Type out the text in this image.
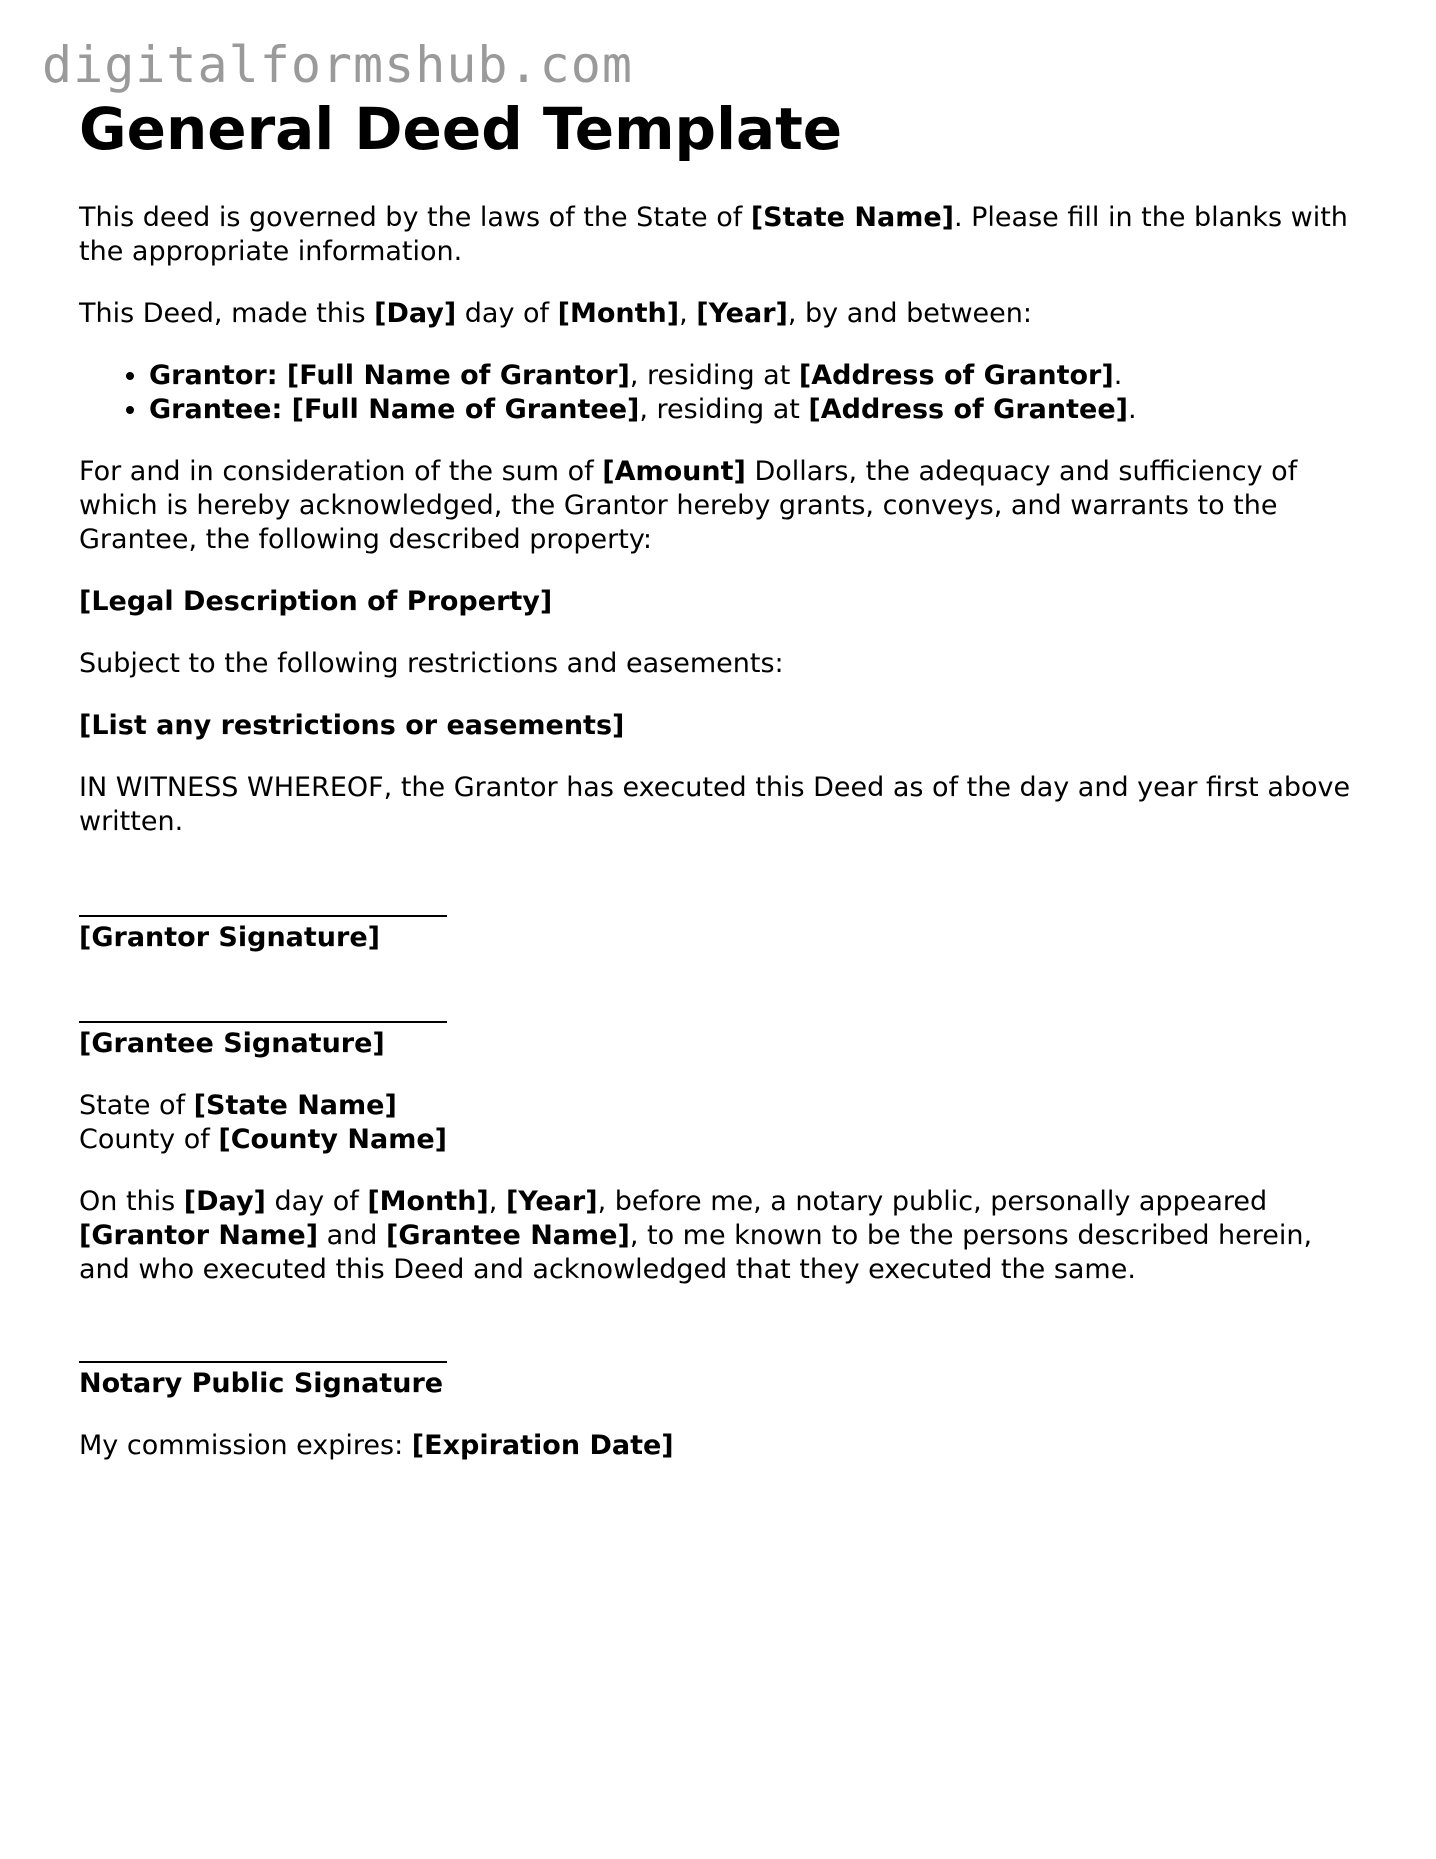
digitalformshub.com
General Deed Template

This deed is governed by the laws of the State of [State Name]. Please fill in the blanks with the appropriate information.

This Deed, made this [Day] day of [Month], [Year], by and between:

• Grantor: [Full Name of Grantor], residing at [Address of Grantor].
• Grantee: [Full Name of Grantee], residing at [Address of Grantee].

For and in consideration of the sum of [Amount] Dollars, the adequacy and sufficiency of which is hereby acknowledged, the Grantor hereby grants, conveys, and warrants to the Grantee, the following described property:

[Legal Description of Property]

Subject to the following restrictions and easements:

[List any restrictions or easements]

IN WITNESS WHEREOF, the Grantor has executed this Deed as of the day and year first above written.

[Grantor Signature]
[Grantee Signature]

State of [State Name]
County of [County Name]

On this [Day] day of [Month], [Year], before me, a notary public, personally appeared [Grantor Name] and [Grantee Name], to me known to be the persons described herein, and who executed this Deed and acknowledged that they executed the same.

Notary Public Signature

My commission expires: [Expiration Date]
